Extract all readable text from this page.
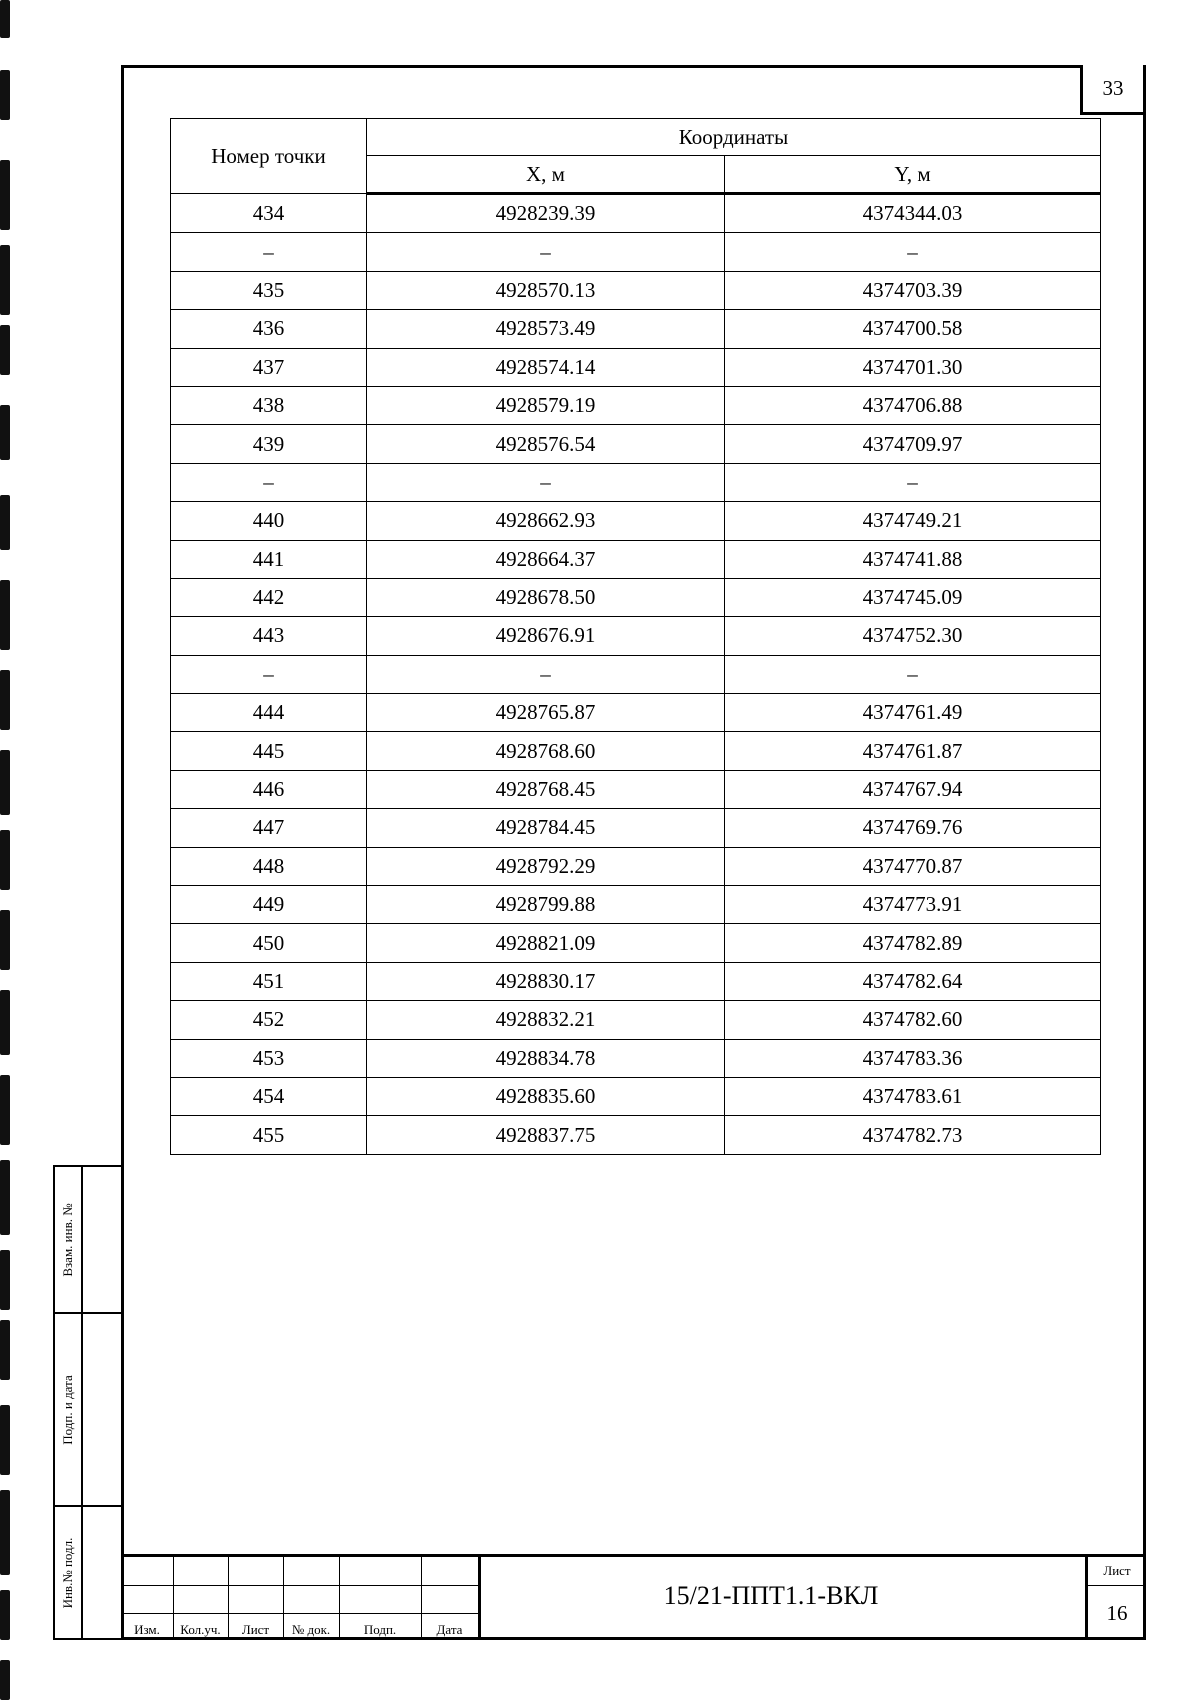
33
Номер точки	Координаты	
	X, м	Y, м
434	4928239.39	4374344.03
–	–	–
435	4928570.13	4374703.39
436	4928573.49	4374700.58
437	4928574.14	4374701.30
438	4928579.19	4374706.88
439	4928576.54	4374709.97
–	–	–
440	4928662.93	4374749.21
441	4928664.37	4374741.88
442	4928678.50	4374745.09
443	4928676.91	4374752.30
–	–	–
444	4928765.87	4374761.49
445	4928768.60	4374761.87
446	4928768.45	4374767.94
447	4928784.45	4374769.76
448	4928792.29	4374770.87
449	4928799.88	4374773.91
450	4928821.09	4374782.89
451	4928830.17	4374782.64
452	4928832.21	4374782.60
453	4928834.78	4374783.36
454	4928835.60	4374783.61
455	4928837.75	4374782.73
Взам. инв. №
Подп. и дата
Инв.№ подл.
Изм.	Кол.уч.	Лист	№ док.	Подп.	Дата
15/21-ППТ1.1-ВКЛ
Лист
16
